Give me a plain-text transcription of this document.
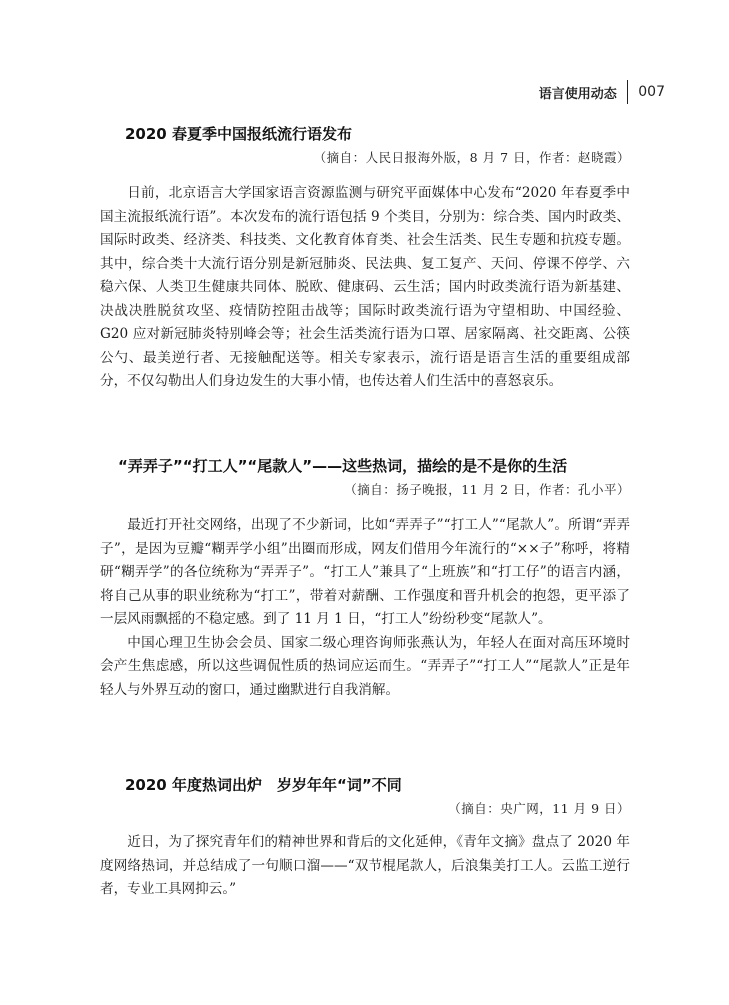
语言使用动态	007
2020 春夏季中国报纸流行语发布
（摘自：人民日报海外版，8 月 7 日，作者：赵晓霞）

日前，北京语言大学国家语言资源监测与研究平面媒体中心发布“2020 年春夏季中国主流报纸流行语”。本次发布的流行语包括 9 个类目，分别为：综合类、国内时政类、国际时政类、经济类、科技类、文化教育体育类、社会生活类、民生专题和抗疫专题。其中，综合类十大流行语分别是新冠肺炎、民法典、复工复产、天问、停课不停学、六稳六保、人类卫生健康共同体、脱欧、健康码、云生活；国内时政类流行语为新基建、决战决胜脱贫攻坚、疫情防控阻击战等；国际时政类流行语为守望相助、中国经验、G20 应对新冠肺炎特别峰会等；社会生活类流行语为口罩、居家隔离、社交距离、公筷公勺、最美逆行者、无接触配送等。相关专家表示，流行语是语言生活的重要组成部分，不仅勾勒出人们身边发生的大事小情，也传达着人们生活中的喜怒哀乐。

“弄弄子”“打工人”“尾款人”——这些热词，描绘的是不是你的生活
（摘自：扬子晚报，11 月 2 日，作者：孔小平）

最近打开社交网络，出现了不少新词，比如“弄弄子”“打工人”“尾款人”。所谓“弄弄子”，是因为豆瓣“糊弄学小组”出圈而形成，网友们借用今年流行的“××子”称呼，将精研“糊弄学”的各位统称为“弄弄子”。“打工人”兼具了“上班族”和“打工仔”的语言内涵，将自己从事的职业统称为“打工”，带着对薪酬、工作强度和晋升机会的抱怨，更平添了一层风雨飘摇的不稳定感。到了 11 月 1 日，“打工人”纷纷秒变“尾款人”。

中国心理卫生协会会员、国家二级心理咨询师张燕认为，年轻人在面对高压环境时会产生焦虑感，所以这些调侃性质的热词应运而生。“弄弄子”“打工人”“尾款人”正是年轻人与外界互动的窗口，通过幽默进行自我消解。

2020 年度热词出炉　岁岁年年“词”不同
（摘自：央广网，11 月 9 日）

近日，为了探究青年们的精神世界和背后的文化延伸，《青年文摘》盘点了 2020 年度网络热词，并总结成了一句顺口溜——“双节棍尾款人，后浪集美打工人。云监工逆行者，专业工具网抑云。”
